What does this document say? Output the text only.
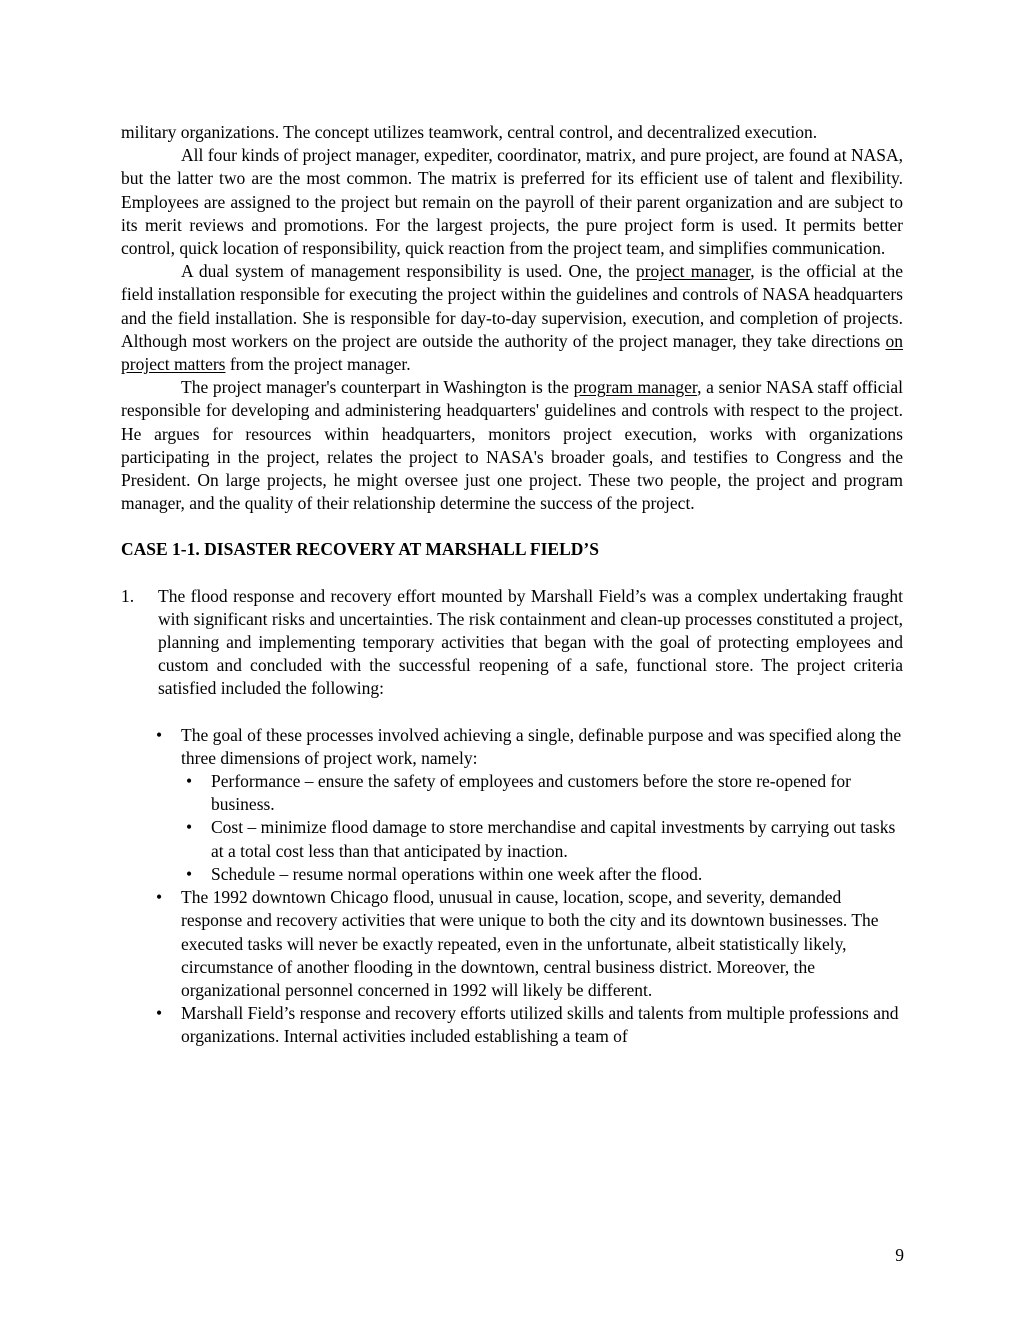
military organizations. The concept utilizes teamwork, central control, and decentralized execution.

All four kinds of project manager, expediter, coordinator, matrix, and pure project, are found at NASA, but the latter two are the most common. The matrix is preferred for its efficient use of talent and flexibility. Employees are assigned to the project but remain on the payroll of their parent organization and are subject to its merit reviews and promotions. For the largest projects, the pure project form is used. It permits better control, quick location of responsibility, quick reaction from the project team, and simplifies communication.

A dual system of management responsibility is used. One, the project manager, is the official at the field installation responsible for executing the project within the guidelines and controls of NASA headquarters and the field installation. She is responsible for day-to-day supervision, execution, and completion of projects. Although most workers on the project are outside the authority of the project manager, they take directions on project matters from the project manager.

The project manager's counterpart in Washington is the program manager, a senior NASA staff official responsible for developing and administering headquarters' guidelines and controls with respect to the project. He argues for resources within headquarters, monitors project execution, works with organizations participating in the project, relates the project to NASA's broader goals, and testifies to Congress and the President. On large projects, he might oversee just one project. These two people, the project and program manager, and the quality of their relationship determine the success of the project.

CASE 1-1. DISASTER RECOVERY AT MARSHALL FIELD’S

1. The flood response and recovery effort mounted by Marshall Field’s was a complex undertaking fraught with significant risks and uncertainties. The risk containment and clean-up processes constituted a project, planning and implementing temporary activities that began with the goal of protecting employees and custom and concluded with the successful reopening of a safe, functional store. The project criteria satisfied included the following:
• The goal of these processes involved achieving a single, definable purpose and was specified along the three dimensions of project work, namely:
• Performance – ensure the safety of employees and customers before the store re-opened for business.
• Cost – minimize flood damage to store merchandise and capital investments by carrying out tasks at a total cost less than that anticipated by inaction.
• Schedule – resume normal operations within one week after the flood.
• The 1992 downtown Chicago flood, unusual in cause, location, scope, and severity, demanded response and recovery activities that were unique to both the city and its downtown businesses. The executed tasks will never be exactly repeated, even in the unfortunate, albeit statistically likely, circumstance of another flooding in the downtown, central business district. Moreover, the organizational personnel concerned in 1992 will likely be different.
• Marshall Field’s response and recovery efforts utilized skills and talents from multiple professions and organizations. Internal activities included establishing a team of
9
